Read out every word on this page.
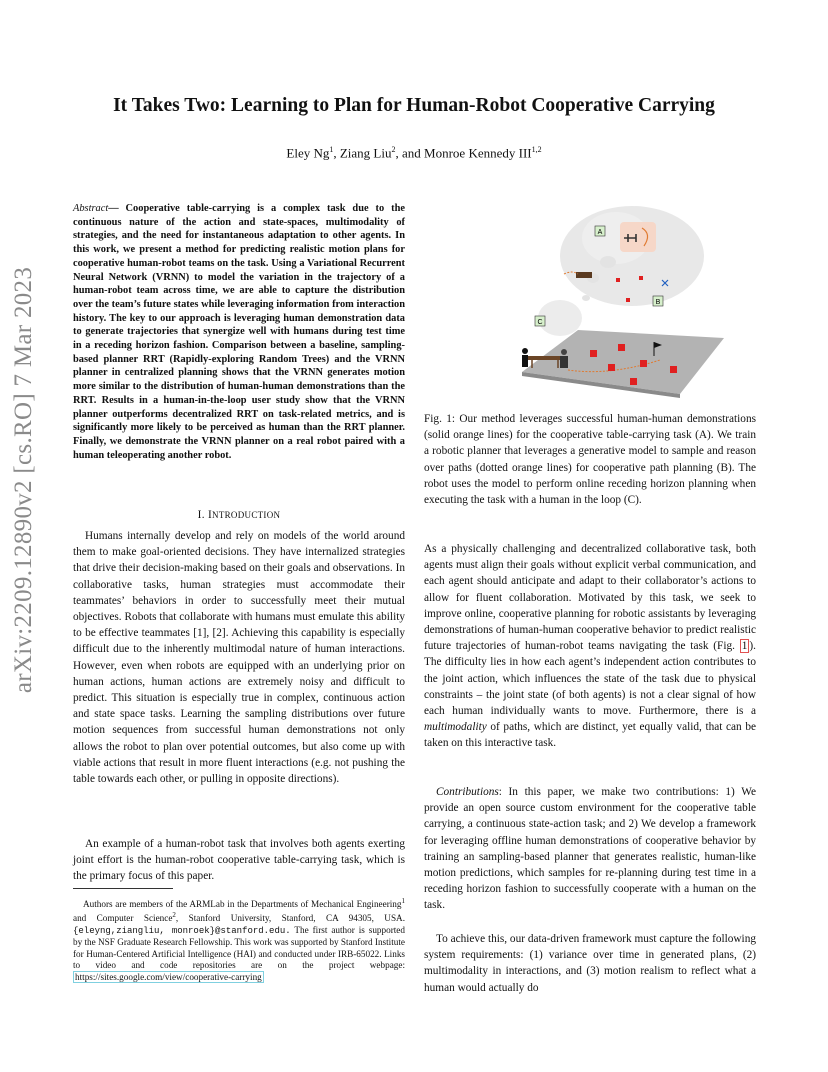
It Takes Two: Learning to Plan for Human-Robot Cooperative Carrying
Eley Ng$^1$, Ziang Liu$^2$, and Monroe Kennedy III$^{1,2}$
arXiv:2209.12890v2 [cs.RO] 7 Mar 2023
Abstract— Cooperative table-carrying is a complex task due to the continuous nature of the action and state-spaces, multimodality of strategies, and the need for instantaneous adaptation to other agents. In this work, we present a method for predicting realistic motion plans for cooperative human-robot teams on the task. Using a Variational Recurrent Neural Network (VRNN) to model the variation in the trajectory of a human-robot team across time, we are able to capture the distribution over the team’s future states while leveraging information from interaction history. The key to our approach is leveraging human demonstration data to generate trajectories that synergize well with humans during test time in a receding horizon fashion. Comparison between a baseline, sampling-based planner RRT (Rapidly-exploring Random Trees) and the VRNN planner in centralized planning shows that the VRNN generates motion more similar to the distribution of human-human demonstrations than the RRT. Results in a human-in-the-loop user study show that the VRNN planner outperforms decentralized RRT on task-related metrics, and is significantly more likely to be perceived as human than the RRT planner. Finally, we demonstrate the VRNN planner on a real robot paired with a human teleoperating another robot.
I. INTRODUCTION

Humans internally develop and rely on models of the world around them to make goal-oriented decisions. They have internalized strategies that drive their decision-making based on their goals and observations. In collaborative tasks, human strategies must accommodate their teammates’ behaviors in order to successfully meet their mutual objectives. Robots that collaborate with humans must emulate this ability to be effective teammates [1], [2]. Achieving this capability is especially difficult due to the inherently multimodal nature of human interactions. However, even when robots are equipped with an underlying prior on human actions, human actions are extremely noisy and difficult to predict. This situation is especially true in complex, continuous action and state space tasks. Learning the sampling distributions over future motion sequences from successful human demonstrations not only allows the robot to plan over potential outcomes, but also come up with viable actions that result in more fluent interactions (e.g. not pushing the table towards each other, or pulling in opposite directions).

An example of a human-robot task that involves both agents exerting joint effort is the human-robot cooperative table-carrying task, which is the primary focus of this paper.

Authors are members of the ARMLab in the Departments of Mechanical Engineering$^1$ and Computer Science$^2$, Stanford University, Stanford, CA 94305, USA. {eleyng,ziangliu, monroek}@stanford.edu. The first author is supported by the NSF Graduate Research Fellowship. This work was supported by Stanford Institute for Human-Centered Artificial Intelligence (HAI) and conducted under IRB-65022. Links to video and code repositories are on the project webpage: https://sites.google.com/view/cooperative-carrying
A
B
C

Fig. 1: Our method leverages successful human-human demonstrations (solid orange lines) for the cooperative table-carrying task (A). We train a robotic planner that leverages a generative model to sample and reason over paths (dotted orange lines) for cooperative path planning (B). The robot uses the model to perform online receding horizon planning when executing the task with a human in the loop (C).

As a physically challenging and decentralized collaborative task, both agents must align their goals without explicit verbal communication, and each agent should anticipate and adapt to their collaborator’s actions to allow for fluent collaboration. Motivated by this task, we seek to improve online, cooperative planning for robotic assistants by leveraging demonstrations of human-human cooperative behavior to predict realistic future trajectories of human-robot teams navigating the task (Fig. 1 ). The difficulty lies in how each agent’s independent action contributes to the joint action, which influences the state of the task due to physical constraints – the joint state (of both agents) is not a clear signal of how each human individually wants to move. Furthermore, there is a multimodality of paths, which are distinct, yet equally valid, that can be taken on this interactive task.

Contributions: In this paper, we make two contributions: 1) We provide an open source custom environment for the cooperative table carrying, a continuous state-action task; and 2) We develop a framework for leveraging offline human demonstrations of cooperative behavior by training an sampling-based planner that generates realistic, human-like motion predictions, which samples for re-planning during test time in a receding horizon fashion to successfully cooperate with a human on the task.

To achieve this, our data-driven framework must capture the following system requirements: (1) variance over time in generated plans, (2) multimodality in interactions, and (3) motion realism to reflect what a human would actually do
